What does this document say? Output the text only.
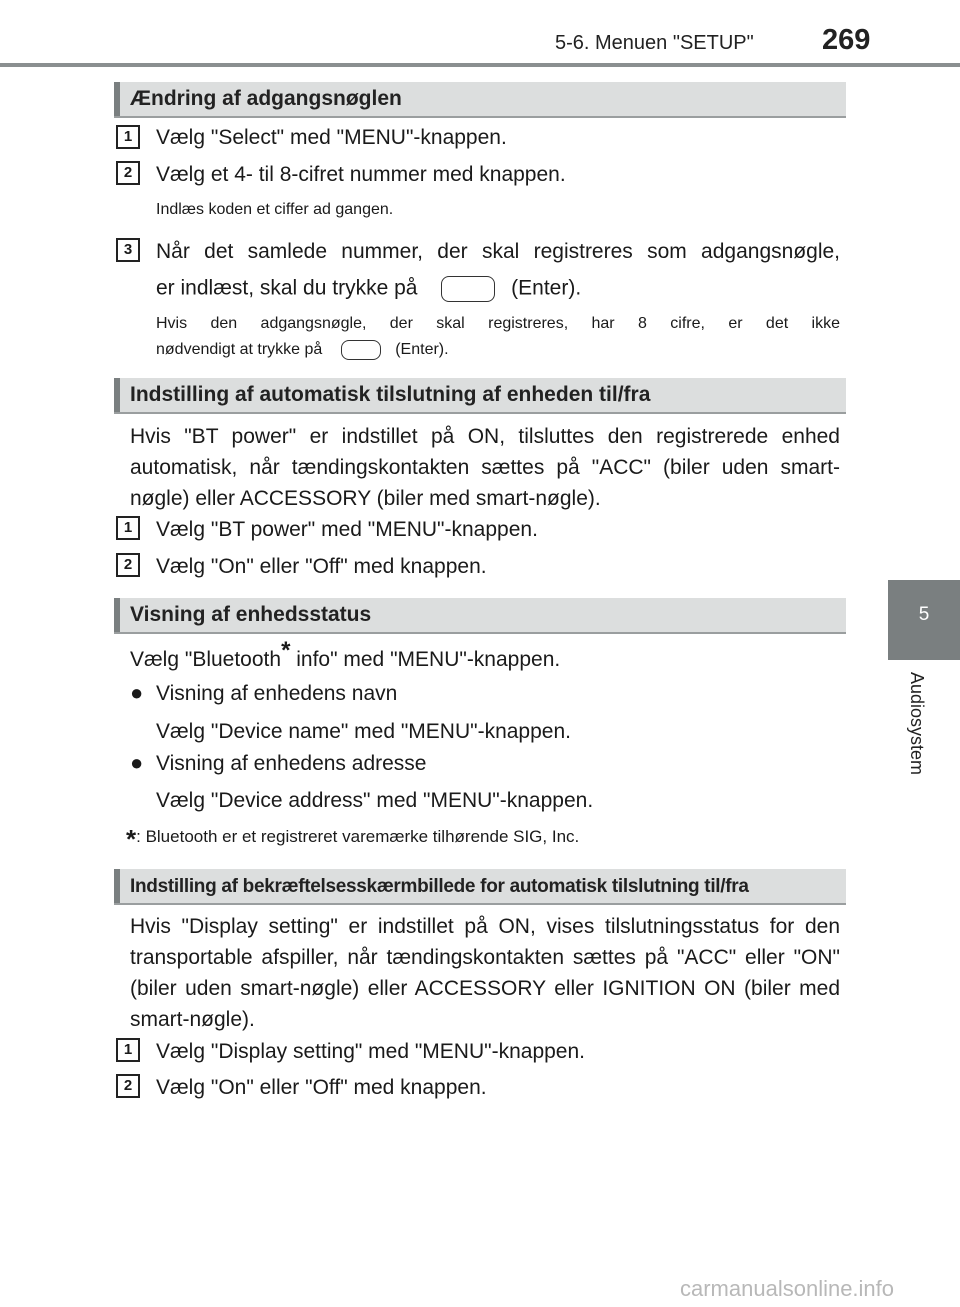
5-6. Menuen "SETUP" 269
5
Audiosystem
Ændring af adgangsnøglen
1	Vælg "Select" med "MENU"-knappen.
2	Vælg et 4- til 8-cifret nummer med knappen.
Indlæs koden et ciffer ad gangen.
3	Når det samlede nummer, der skal registreres som adgangsnøgle,
er indlæst, skal du trykke på	(Enter).
Hvis den adgangsnøgle, der skal registreres, har 8 cifre, er det ikke
nødvendigt at trykke på	(Enter).
Indstilling af automatisk tilslutning af enheden til/fra
Hvis "BT power" er indstillet på ON, tilsluttes den registrerede enhed automatisk, når tændingskontakten sættes på "ACC" (biler uden smart-nøgle) eller ACCESSORY (biler med smart-nøgle).
1	Vælg "BT power" med "MENU"-knappen.
2	Vælg "On" eller "Off" med knappen.
Visning af enhedsstatus
Vælg "Bluetooth* info" med "MENU"-knappen.
● Visning af enhedens navn
Vælg "Device name" med "MENU"-knappen.
● Visning af enhedens adresse
Vælg "Device address" med "MENU"-knappen.
*: Bluetooth er et registreret varemærke tilhørende SIG, Inc.
Indstilling af bekræftelsesskærmbillede for automatisk tilslutning til/fra
Hvis "Display setting" er indstillet på ON, vises tilslutningsstatus for den transportable afspiller, når tændingskontakten sættes på "ACC" eller "ON" (biler uden smart-nøgle) eller ACCESSORY eller IGNITION ON (biler med smart-nøgle).
1	Vælg "Display setting" med "MENU"-knappen.
2	Vælg "On" eller "Off" med knappen.
carmanualsonline.info
